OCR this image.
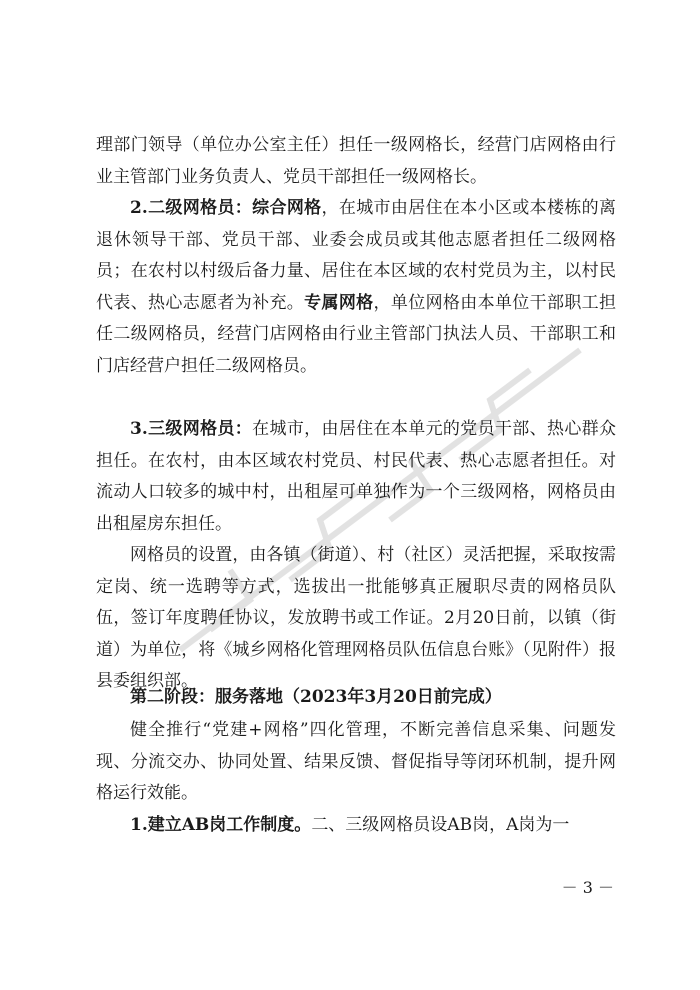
理部门领导（单位办公室主任）担任一级网格长，经营门店网格由行业主管部门业务负责人、党员干部担任一级网格长。

2.二级网格员：综合网格，在城市由居住在本小区或本楼栋的离退休领导干部、党员干部、业委会成员或其他志愿者担任二级网格员；在农村以村级后备力量、居住在本区域的农村党员为主，以村民代表、热心志愿者为补充。专属网格，单位网格由本单位干部职工担任二级网格员，经营门店网格由行业主管部门执法人员、干部职工和门店经营户担任二级网格员。

3.三级网格员：在城市，由居住在本单元的党员干部、热心群众担任。在农村，由本区域农村党员、村民代表、热心志愿者担任。对流动人口较多的城中村，出租屋可单独作为一个三级网格，网格员由出租屋房东担任。

网格员的设置，由各镇（街道）、村（社区）灵活把握，采取按需定岗、统一选聘等方式，选拔出一批能够真正履职尽责的网格员队伍，签订年度聘任协议，发放聘书或工作证。2月20日前，以镇（街道）为单位，将《城乡网格化管理网格员队伍信息台账》（见附件）报县委组织部。

第二阶段：服务落地（2023年3月20日前完成）

健全推行“党建+网格”四化管理，不断完善信息采集、问题发现、分流交办、协同处置、结果反馈、督促指导等闭环机制，提升网格运行效能。

1.建立AB岗工作制度。二、三级网格员设AB岗，A岗为一

－ 3 －
